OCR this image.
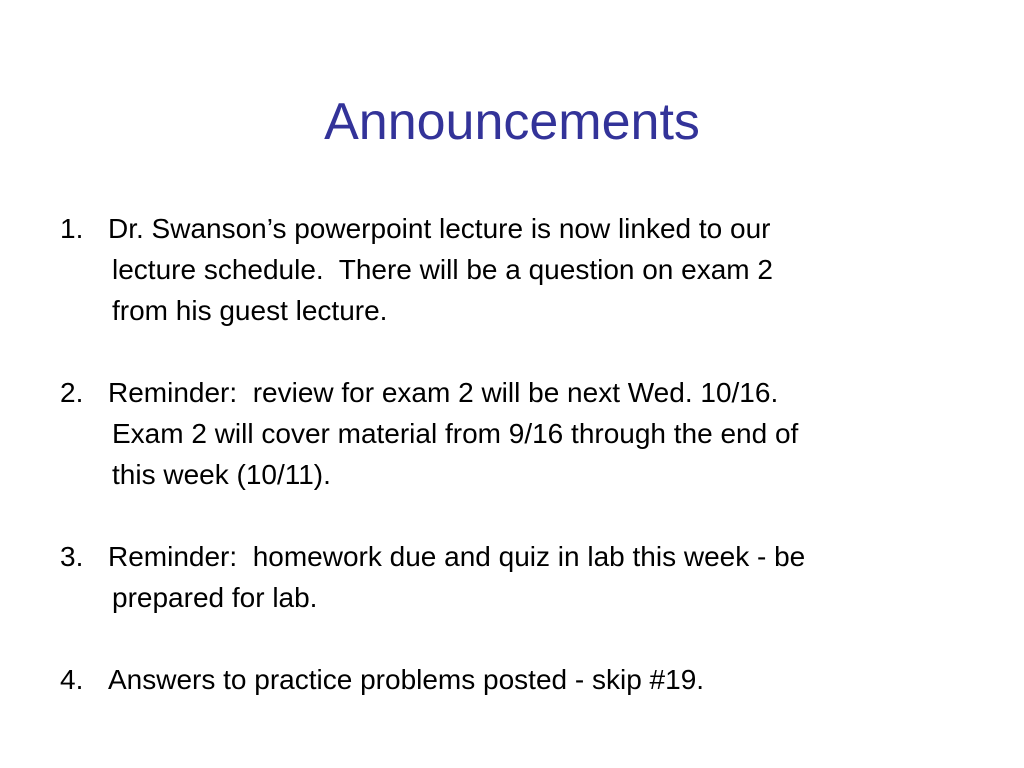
Announcements
1. Dr. Swanson’s powerpoint lecture is now linked to our
lecture schedule.  There will be a question on exam 2
from his guest lecture.
2. Reminder:  review for exam 2 will be next Wed. 10/16.
Exam 2 will cover material from 9/16 through the end of
this week (10/11).
3. Reminder:  homework due and quiz in lab this week - be
prepared for lab.
4. Answers to practice problems posted - skip #19.
